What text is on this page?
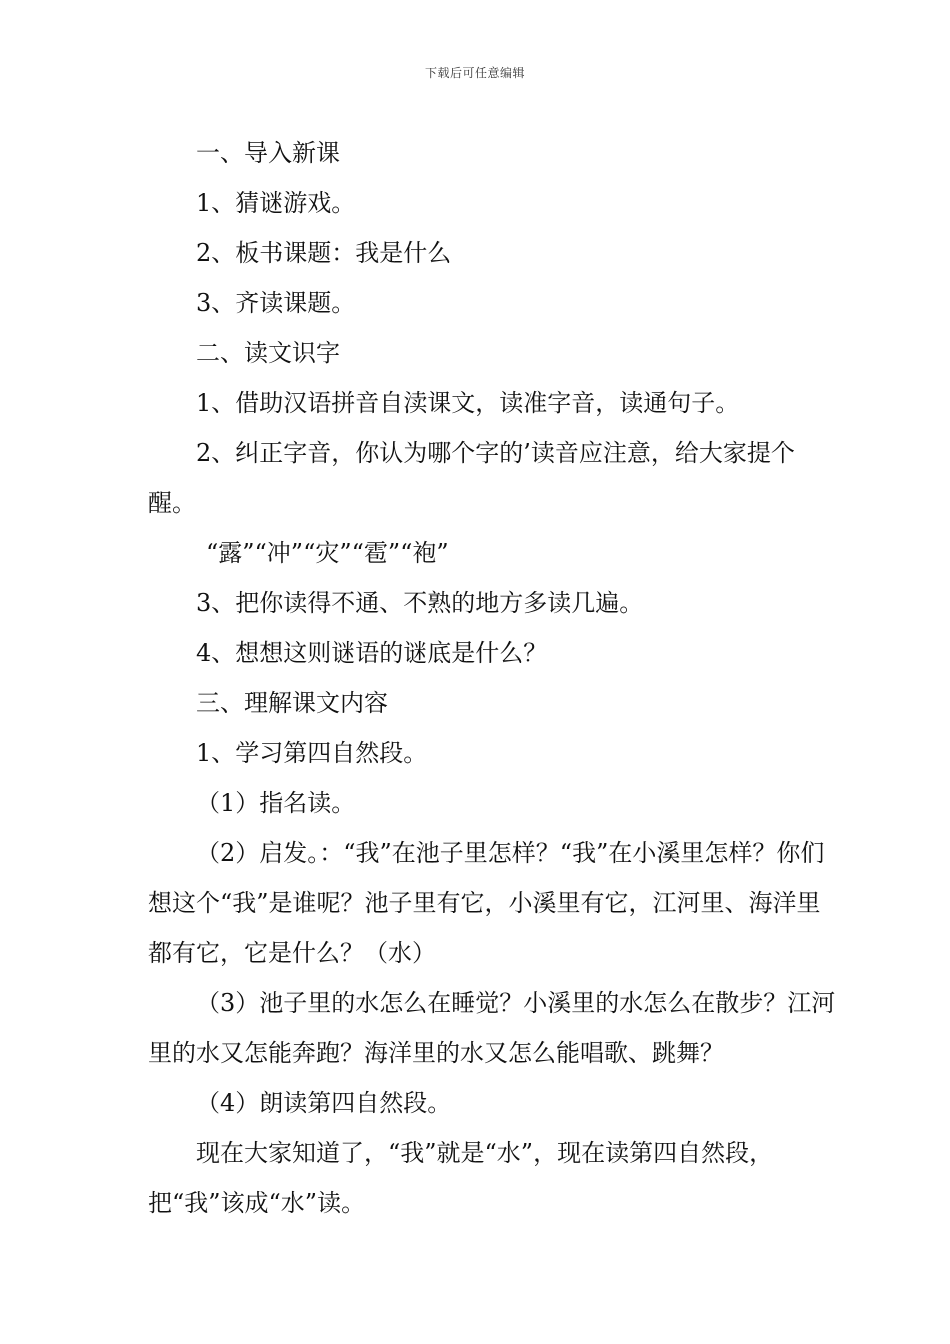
下载后可任意编辑

一、导入新课

1、猜谜游戏。

2、板书课题：我是什么

3、齐读课题。

二、读文识字

1、借助汉语拼音自渎课文，读准字音，读通句子。

2、纠正字音，你认为哪个字的’读音应注意，给大家提个醒。

“露”“冲”“灾”“雹”“袍”

3、把你读得不通、不熟的地方多读几遍。

4、想想这则谜语的谜底是什么？

三、理解课文内容

1、学习第四自然段。

（1）指名读。

（2）启发。：“我”在池子里怎样？“我”在小溪里怎样？你们想这个“我”是谁呢？池子里有它，小溪里有它，江河里、海洋里都有它，它是什么？（水）

（3）池子里的水怎么在睡觉？小溪里的水怎么在散步？江河里的水又怎能奔跑？海洋里的水又怎么能唱歌、跳舞？

（4）朗读第四自然段。

现在大家知道了，“我”就是“水”，现在读第四自然段，把“我”该成“水”读。
